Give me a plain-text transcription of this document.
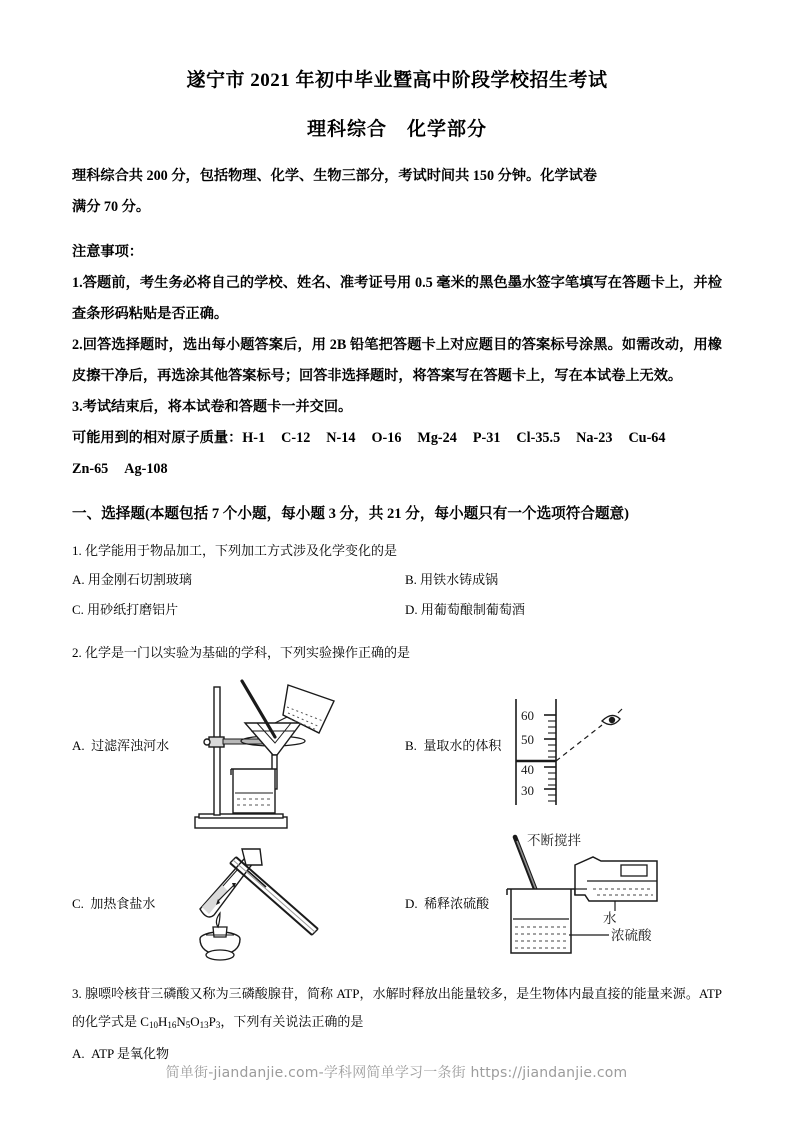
遂宁市 2021 年初中毕业暨高中阶段学校招生考试
理科综合　化学部分
理科综合共 200 分，包括物理、化学、生物三部分，考试时间共 150 分钟。化学试卷
满分 70 分。
注意事项：
1.答题前，考生务必将自己的学校、姓名、准考证号用 0.5 毫米的黑色墨水签字笔填写在答题卡上，并检查条形码粘贴是否正确。
2.回答选择题时，选出每小题答案后，用 2B 铅笔把答题卡上对应题目的答案标号涂黑。如需改动，用橡皮擦干净后，再选涂其他答案标号；回答非选择题时，将答案写在答题卡上，写在本试卷上无效。
3.考试结束后，将本试卷和答题卡一并交回。
可能用到的相对原子质量：H-1 C-12 N-14 O-16 Mg-24 P-31 Cl-35.5 Na-23 Cu-64
Zn-65 Ag-108
一、选择题(本题包括 7 个小题，每小题 3 分，共 21 分，每小题只有一个选项符合题意)
1. 化学能用于物品加工，下列加工方式涉及化学变化的是
A. 用金刚石切割玻璃	B. 用铁水铸成锅
C. 用砂纸打磨铝片	D. 用葡萄酿制葡萄酒
2. 化学是一门以实验为基础的学科，下列实验操作正确的是
A. 过滤浑浊河水	B. 量取水的体积
60
50
40
30
C. 加热食盐水	D. 稀释浓硫酸
不断搅拌
水
浓硫酸
3. 腺嘌呤核苷三磷酸又称为三磷酸腺苷，简称 ATP，水解时释放出能量较多，是生物体内最直接的能量来源。ATP 的化学式是 $C_{10}H_{16}N_5O_{13}P_3$，下列有关说法正确的是
A. ATP 是氧化物
简单街-jiandanjie.com-学科网简单学习一条街 https://jiandanjie.com
